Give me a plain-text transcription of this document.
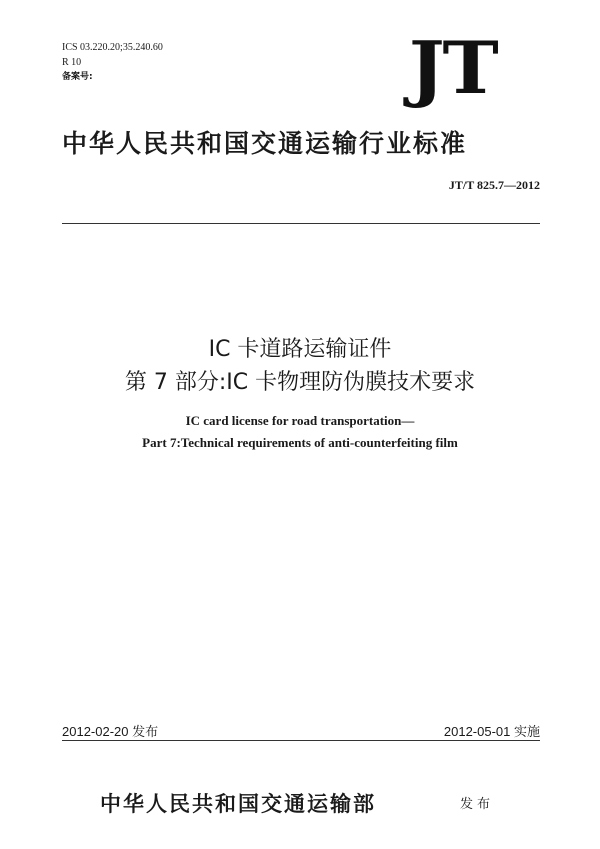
ICS 03.220.20;35.240.60
R 10
备案号:	JT
中华人民共和国交通运输行业标准
JT/T 825.7—2012
IC 卡道路运输证件
第 7 部分:IC 卡物理防伪膜技术要求
IC card license for road transportation—
Part 7:Technical requirements of anti-counterfeiting film
2012-02-20 发布	2012-05-01 实施
中华人民共和国交通运输部	发布
